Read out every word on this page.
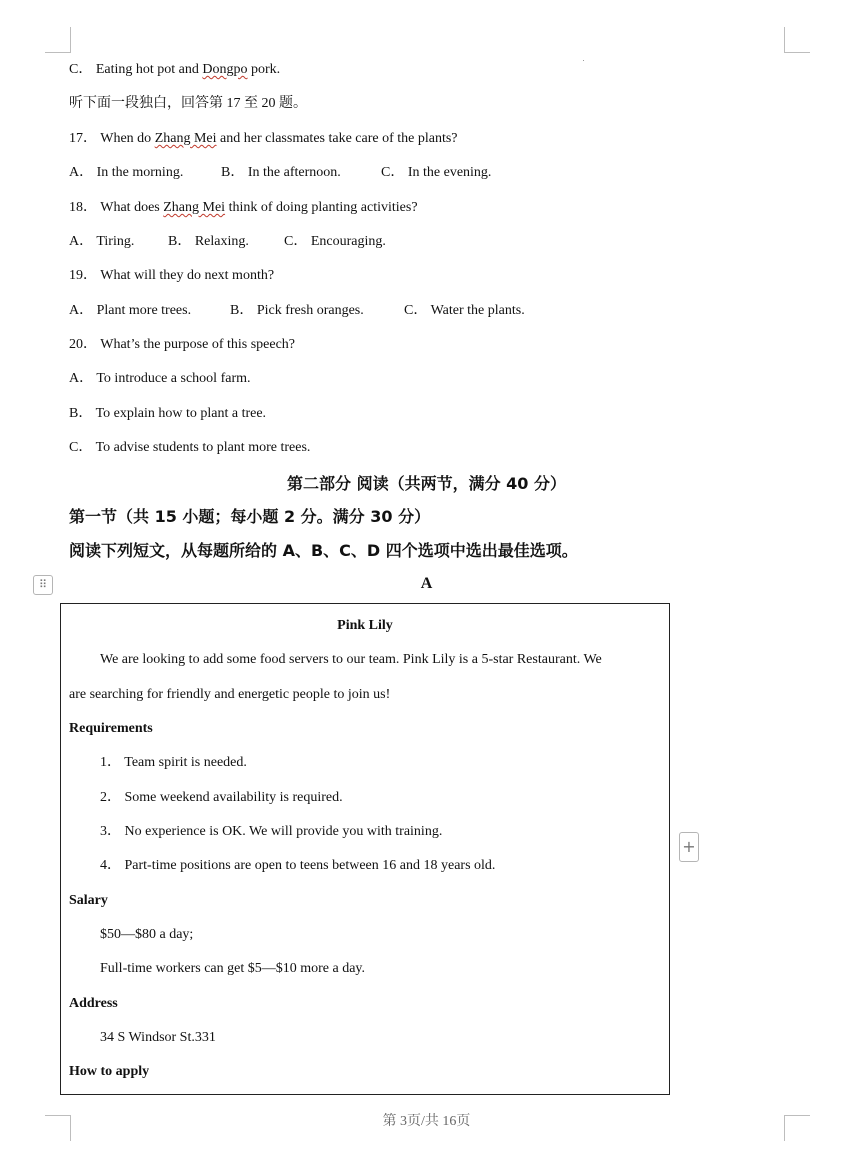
C． Eating hot pot and Dongpo pork.
听下面一段独白，回答第 17 至 20 题。
17． When do Zhang Mei and her classmates take care of the plants?
A． In the morning.	B． In the afternoon.	C． In the evening.
18． What does Zhang Mei think of doing planting activities?
A． Tiring. B． Relaxing.	C． Encouraging.
19． What will they do next month?
A． Plant more trees.	B． Pick fresh oranges.	C． Water the plants.
20． What’s the purpose of this speech?
A． To introduce a school farm.
B． To explain how to plant a tree.
C． To advise students to plant more trees.
第二部分 阅读（共两节，满分 40 分）
第一节（共 15 小题；每小题 2 分。满分 30 分）
阅读下列短文，从每题所给的 A、B、C、D 四个选项中选出最佳选项。
⠿	A
Pink Lily
We are looking to add some food servers to our team. Pink Lily is a 5-star Restaurant. We
are searching for friendly and energetic people to join us!
Requirements
1． Team spirit is needed.
2． Some weekend availability is required.
3． No experience is OK. We will provide you with training.
4． Part-time positions are open to teens between 16 and 18 years old.
Salary
$50—$80 a day;
Full-time workers can get $5—$10 more a day.
Address
34 S Windsor St.331
How to apply
+
第 3页/共 16页
